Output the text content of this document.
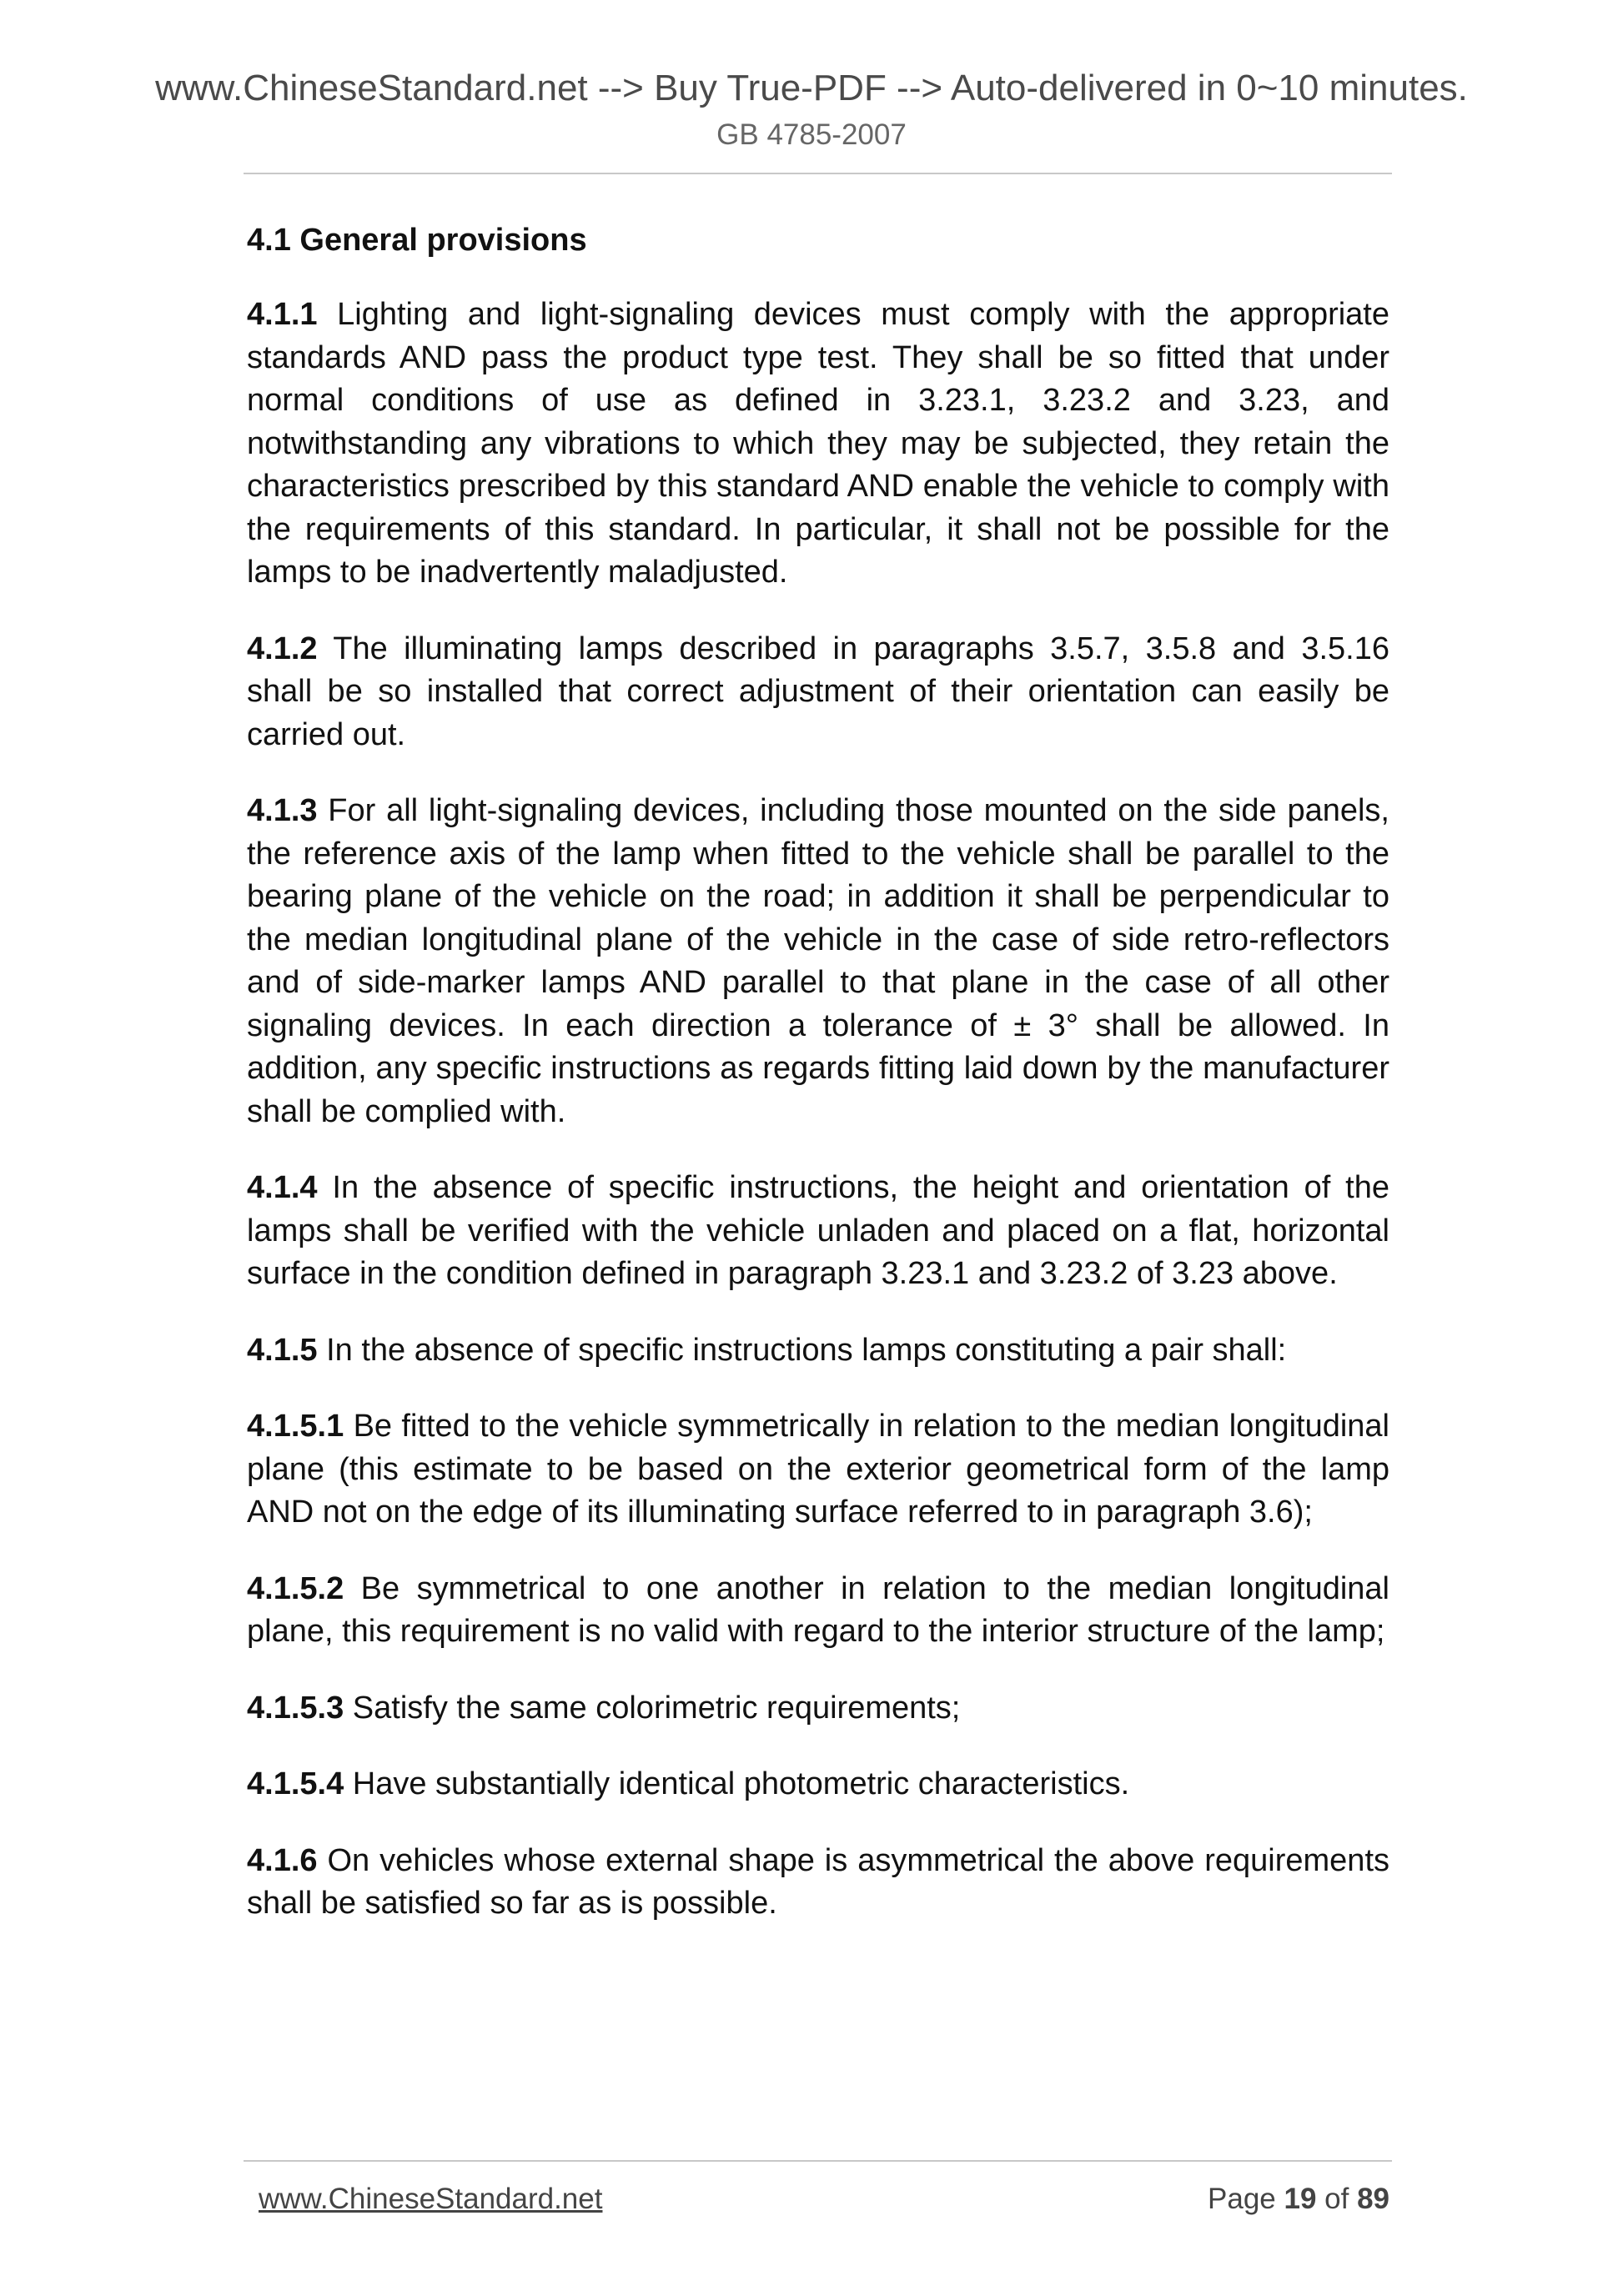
www.ChineseStandard.net --> Buy True-PDF --> Auto-delivered in 0~10 minutes.
GB 4785-2007
4.1 General provisions

4.1.1 Lighting and light-signaling devices must comply with the appropriate standards AND pass the product type test. They shall be so fitted that under normal conditions of use as defined in 3.23.1, 3.23.2 and 3.23, and notwithstanding any vibrations to which they may be subjected, they retain the characteristics prescribed by this standard AND enable the vehicle to comply with the requirements of this standard. In particular, it shall not be possible for the lamps to be inadvertently maladjusted.

4.1.2 The illuminating lamps described in paragraphs 3.5.7, 3.5.8 and 3.5.16 shall be so installed that correct adjustment of their orientation can easily be carried out.

4.1.3 For all light-signaling devices, including those mounted on the side panels, the reference axis of the lamp when fitted to the vehicle shall be parallel to the bearing plane of the vehicle on the road; in addition it shall be perpendicular to the median longitudinal plane of the vehicle in the case of side retro-reflectors and of side-marker lamps AND parallel to that plane in the case of all other signaling devices. In each direction a tolerance of ± 3° shall be allowed. In addition, any specific instructions as regards fitting laid down by the manufacturer shall be complied with.

4.1.4 In the absence of specific instructions, the height and orientation of the lamps shall be verified with the vehicle unladen and placed on a flat, horizontal surface in the condition defined in paragraph 3.23.1 and 3.23.2 of 3.23 above.

4.1.5 In the absence of specific instructions lamps constituting a pair shall:

4.1.5.1 Be fitted to the vehicle symmetrically in relation to the median longitudinal plane (this estimate to be based on the exterior geometrical form of the lamp AND not on the edge of its illuminating surface referred to in paragraph 3.6);

4.1.5.2 Be symmetrical to one another in relation to the median longitudinal plane, this requirement is no valid with regard to the interior structure of the lamp;

4.1.5.3 Satisfy the same colorimetric requirements;

4.1.5.4 Have substantially identical photometric characteristics.

4.1.6 On vehicles whose external shape is asymmetrical the above requirements shall be satisfied so far as is possible.

www.ChineseStandard.net	Page 19 of 89
